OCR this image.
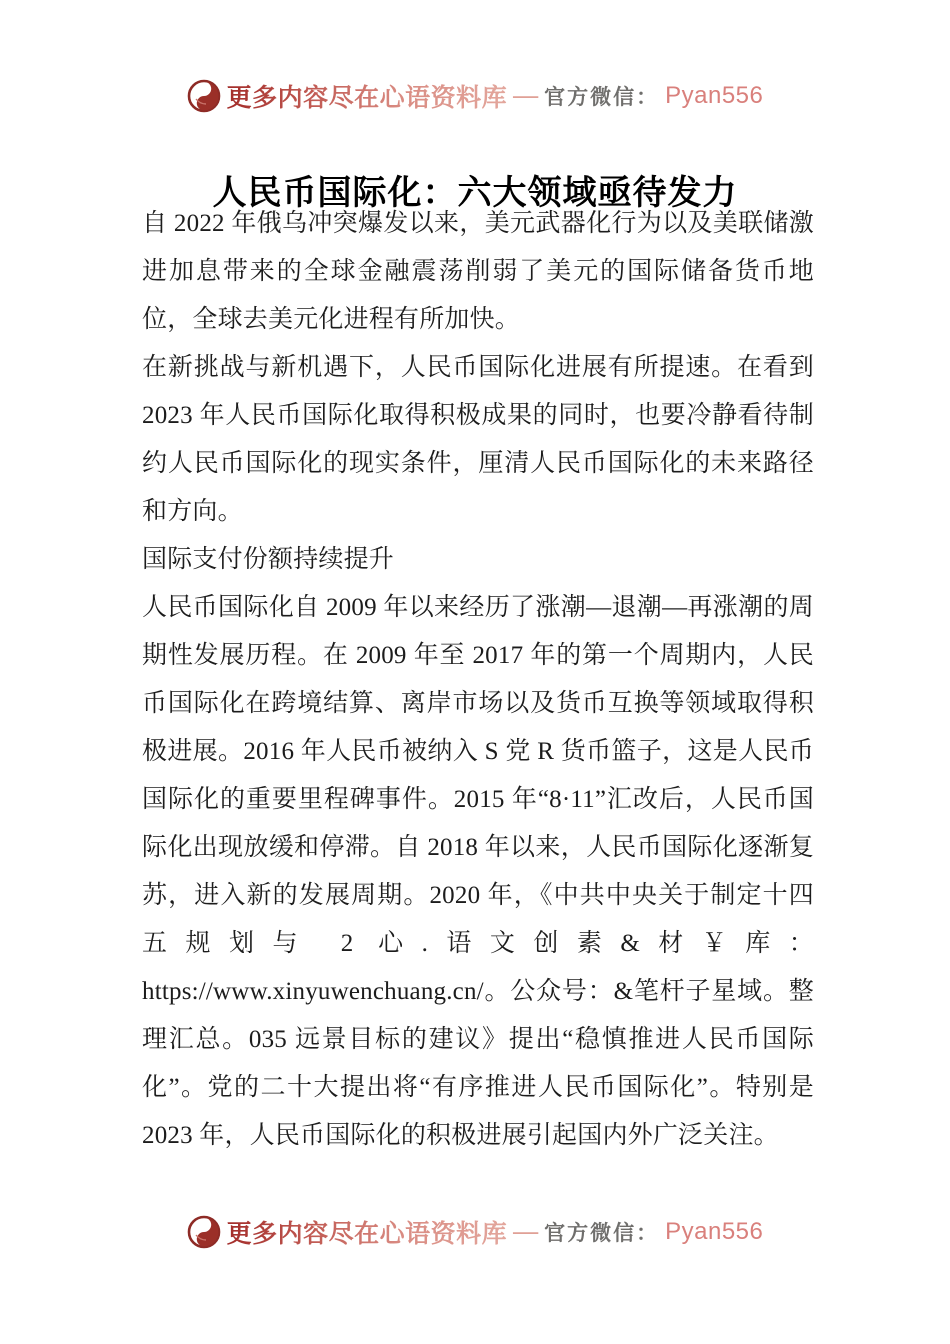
更多内容尽在心语资料库 — 官方微信： Pyan556
人民币国际化：六大领域亟待发力

自 2022 年俄乌冲突爆发以来，美元武器化行为以及美联储激进加息带来的全球金融震荡削弱了美元的国际储备货币地位，全球去美元化进程有所加快。

在新挑战与新机遇下，人民币国际化进展有所提速。在看到 2023 年人民币国际化取得积极成果的同时，也要冷静看待制约人民币国际化的现实条件，厘清人民币国际化的未来路径和方向。

国际支付份额持续提升

人民币国际化自 2009 年以来经历了涨潮—退潮—再涨潮的周期性发展历程。在 2009 年至 2017 年的第一个周期内，人民币国际化在跨境结算、离岸市场以及货币互换等领域取得积极进展。2016 年人民币被纳入 S 党 R 货币篮子，这是人民币国际化的重要里程碑事件。2015 年“8·11”汇改后，人民币国际化出现放缓和停滞。自 2018 年以来，人民币国际化逐渐复苏，进入新的发展周期。2020 年，《中共中央关于制定十四五规划与 2 心.语文创素&材￥库：https://www.xinyuwenchuang.cn/。公众号：&笔杆子星域。整理汇总。035 远景目标的建议》提出“稳慎推进人民币国际化”。党的二十大提出将“有序推进人民币国际化”。特别是 2023 年，人民币国际化的积极进展引起国内外广泛关注。

更多内容尽在心语资料库 — 官方微信： Pyan556
